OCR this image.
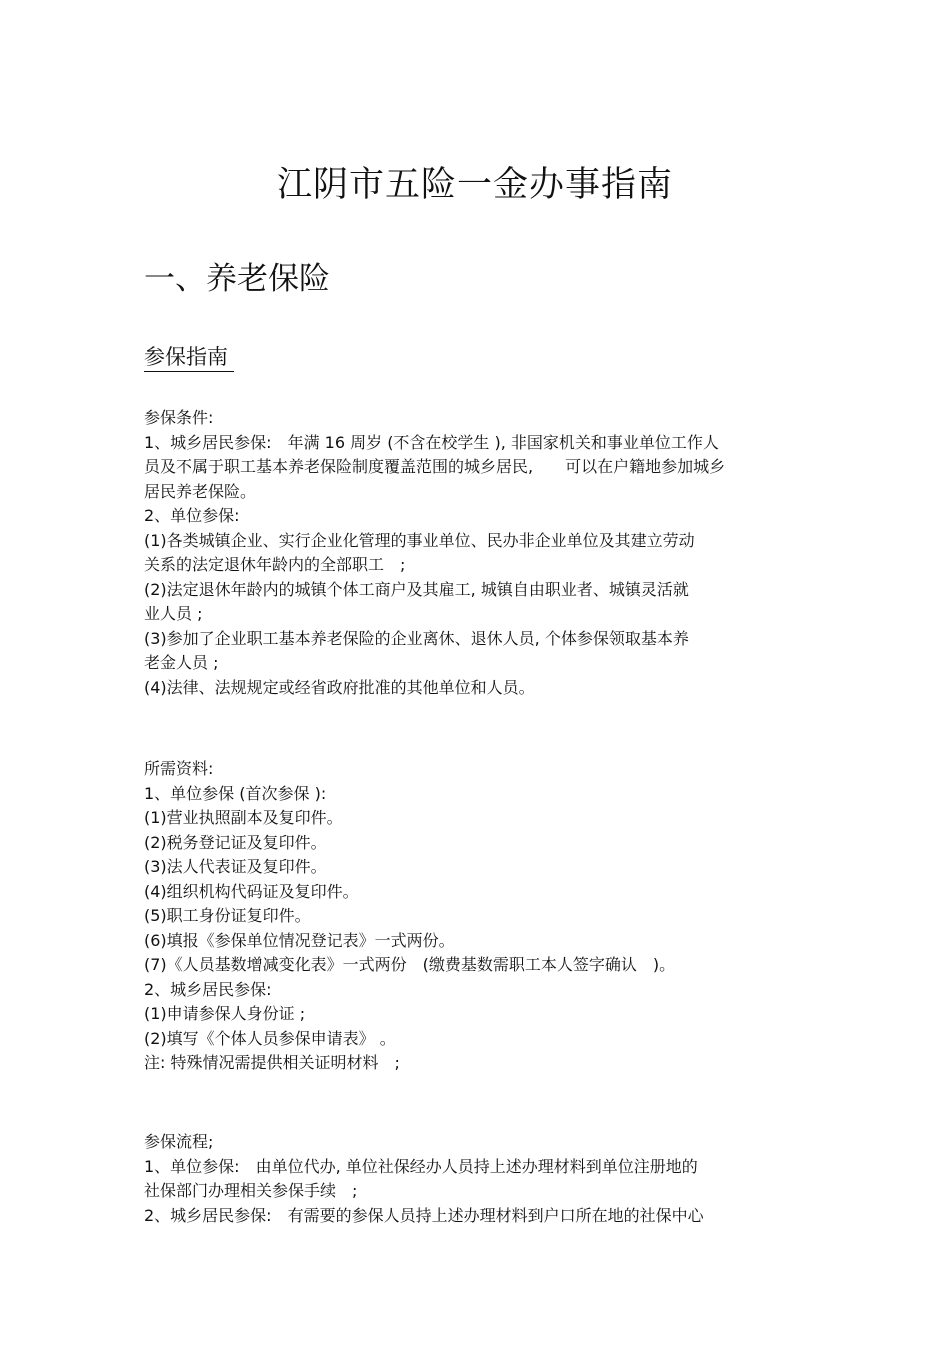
江阴市五险一金办事指南
一、养老保险
参保指南
参保条件:
1、城乡居民参保:　年满 16 周岁 (不含在校学生 ), 非国家机关和事业单位工作人
员及不属于职工基本养老保险制度覆盖范围的城乡居民,　　可以在户籍地参加城乡
居民养老保险。
2、单位参保:
(1)各类城镇企业、实行企业化管理的事业单位、民办非企业单位及其建立劳动
关系的法定退休年龄内的全部职工　;
(2)法定退休年龄内的城镇个体工商户及其雇工, 城镇自由职业者、城镇灵活就
业人员 ;
(3)参加了企业职工基本养老保险的企业离休、退休人员, 个体参保领取基本养
老金人员 ;
(4)法律、法规规定或经省政府批准的其他单位和人员。
所需资料:
1、单位参保 (首次参保 ):
(1)营业执照副本及复印件。
(2)税务登记证及复印件。
(3)法人代表证及复印件。
(4)组织机构代码证及复印件。
(5)职工身份证复印件。
(6)填报《参保单位情况登记表》一式两份。
(7)《人员基数增减变化表》一式两份　(缴费基数需职工本人签字确认　)。
2、城乡居民参保:
(1)申请参保人身份证 ;
(2)填写《个体人员参保申请表》 。
注: 特殊情况需提供相关证明材料　;
参保流程;
1、单位参保:　由单位代办, 单位社保经办人员持上述办理材料到单位注册地的
社保部门办理相关参保手续　;
2、城乡居民参保:　有需要的参保人员持上述办理材料到户口所在地的社保中心
